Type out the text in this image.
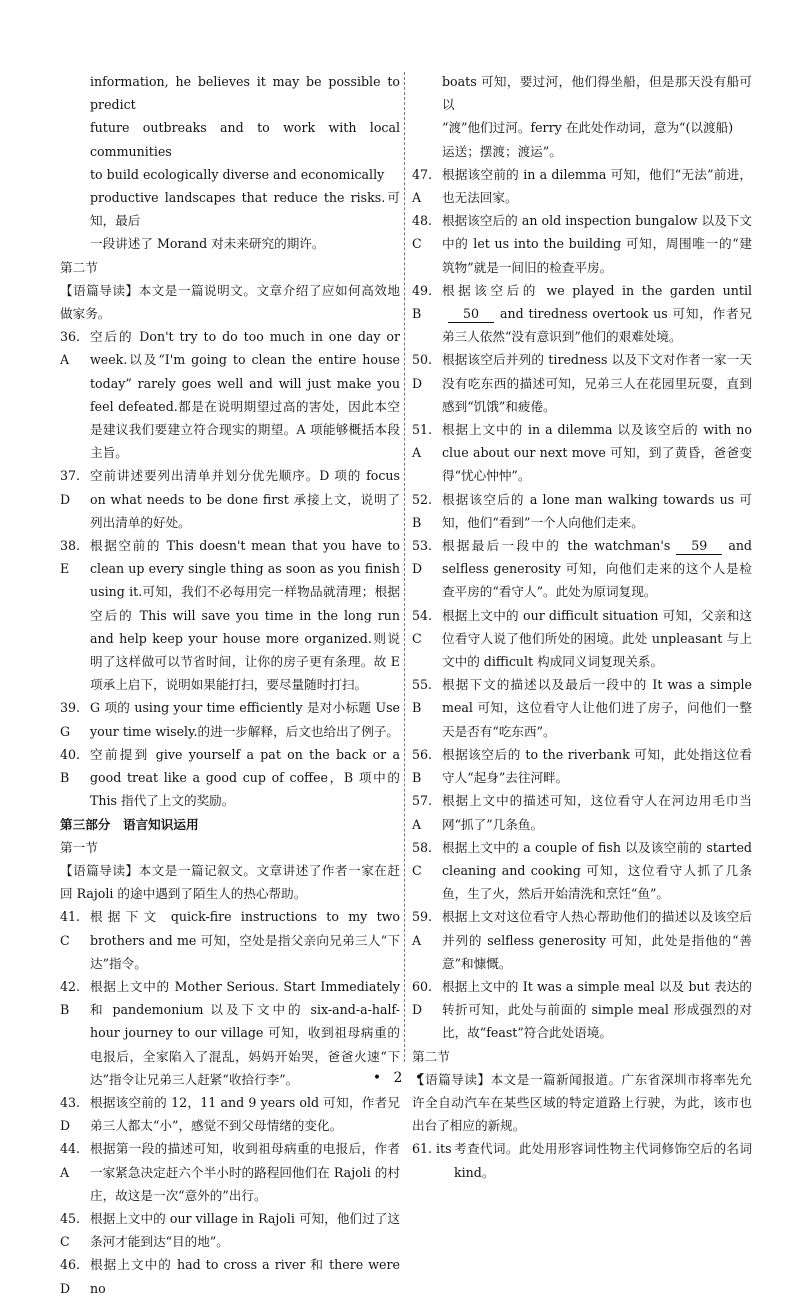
information, he believes it may be possible to predict

future outbreaks and to work with local communities

to build ecologically diverse and economically

productive landscapes that reduce the risks.可知，最后

一段讲述了 Morand 对未来研究的期许。

第二节

【语篇导读】本文是一篇说明文。文章介绍了应如何高效地做家务。

36. A

空后的 Don't try to do too much in one day or week.以及“I'm going to clean the entire house today” rarely goes well and will just make you feel defeated.都是在说明期望过高的害处，因此本空是建议我们要建立符合现实的期望。A 项能够概括本段主旨。

37. D

空前讲述要列出清单并划分优先顺序。D 项的 focus on what needs to be done first 承接上文，说明了列出清单的好处。

38. E

根据空前的 This doesn't mean that you have to clean up every single thing as soon as you finish using it.可知，我们不必每用完一样物品就清理；根据空后的 This will save you time in the long run and help keep your house more organized.则说明了这样做可以节省时间，让你的房子更有条理。故 E 项承上启下，说明如果能打扫，要尽量随时打扫。

39. G

G 项的 using your time efficiently 是对小标题 Use your time wisely.的进一步解释，后文也给出了例子。

40. B

空前提到 give yourself a pat on the back or a good treat like a good cup of coffee，B 项中的 This 指代了上文的奖励。

第三部分　语言知识运用

第一节

【语篇导读】本文是一篇记叙文。文章讲述了作者一家在赶回 Rajoli 的途中遇到了陌生人的热心帮助。

41. C

根据下文 quick-fire instructions to my two brothers and me 可知，空处是指父亲向兄弟三人“下达”指令。

42. B

根据上文中的 Mother Serious. Start Immediately 和 pandemonium 以及下文中的 six-and-a-half-hour journey to our village 可知，收到祖母病重的电报后，全家陷入了混乱，妈妈开始哭，爸爸火速“下达”指令让兄弟三人赶紧“收拾行李”。

43. D

根据该空前的 12，11 and 9 years old 可知，作者兄弟三人都太“小”，感觉不到父母情绪的变化。

44. A

根据第一段的描述可知，收到祖母病重的电报后，作者一家紧急决定赶六个半小时的路程回他们在 Rajoli 的村庄，故这是一次“意外的”出行。

45. C

根据上文中的 our village in Rajoli 可知，他们过了这条河才能到达“目的地”。

46. D

根据上文中的 had to cross a river 和 there were no

boats 可知，要过河，他们得坐船，但是那天没有船可以

“渡”他们过河。ferry 在此处作动词，意为“(以渡船)

运送；摆渡；渡运”。

47. A

根据该空前的 in a dilemma 可知，他们“无法”前进，也无法回家。

48. C

根据该空后的 an old inspection bungalow 以及下文中的 let us into the building 可知，周围唯一的“建筑物”就是一间旧的检查平房。

49. B

根据该空后的 we played in the garden until50 and tiredness overtook us 可知，作者兄弟三人依然“没有意识到”他们的艰难处境。

50. D

根据该空后并列的 tiredness 以及下文对作者一家一天没有吃东西的描述可知，兄弟三人在花园里玩耍，直到感到“饥饿”和疲倦。

51. A

根据上文中的 in a dilemma 以及该空后的 with no clue about our next move 可知，到了黄昏，爸爸变得“忧心忡忡”。

52. B

根据该空后的 a lone man walking towards us 可知，他们“看到”一个人向他们走来。

53. D

根据最后一段中的 the watchman's 59 and selfless generosity 可知，向他们走来的这个人是检查平房的“看守人”。此处为原词复现。

54. C

根据上文中的 our difficult situation 可知，父亲和这位看守人说了他们所处的困境。此处 unpleasant 与上文中的 difficult 构成同义词复现关系。

55. B

根据下文的描述以及最后一段中的 It was a simple meal 可知，这位看守人让他们进了房子，问他们一整天是否有“吃东西”。

56. B

根据该空后的 to the riverbank 可知，此处指这位看守人“起身”去往河畔。

57. A

根据上文中的描述可知，这位看守人在河边用毛巾当网“抓了”几条鱼。

58. C

根据上文中的 a couple of fish 以及该空前的 started cleaning and cooking 可知，这位看守人抓了几条鱼，生了火，然后开始清洗和烹饪“鱼”。

59. A

根据上文对这位看守人热心帮助他们的描述以及该空后并列的 selfless generosity 可知，此处是指他的“善意”和慷慨。

60. D

根据上文中的 It was a simple meal 以及 but 表达的转折可知，此处与前面的 simple meal 形成强烈的对比，故“feast”符合此处语境。

第二节

【语篇导读】本文是一篇新闻报道。广东省深圳市将率先允许全自动汽车在某些区域的特定道路上行驶，为此，该市也出台了相应的新规。

61. its 考查代词。此处用形容词性物主代词修饰空后的名词 kind。

• 2 •
